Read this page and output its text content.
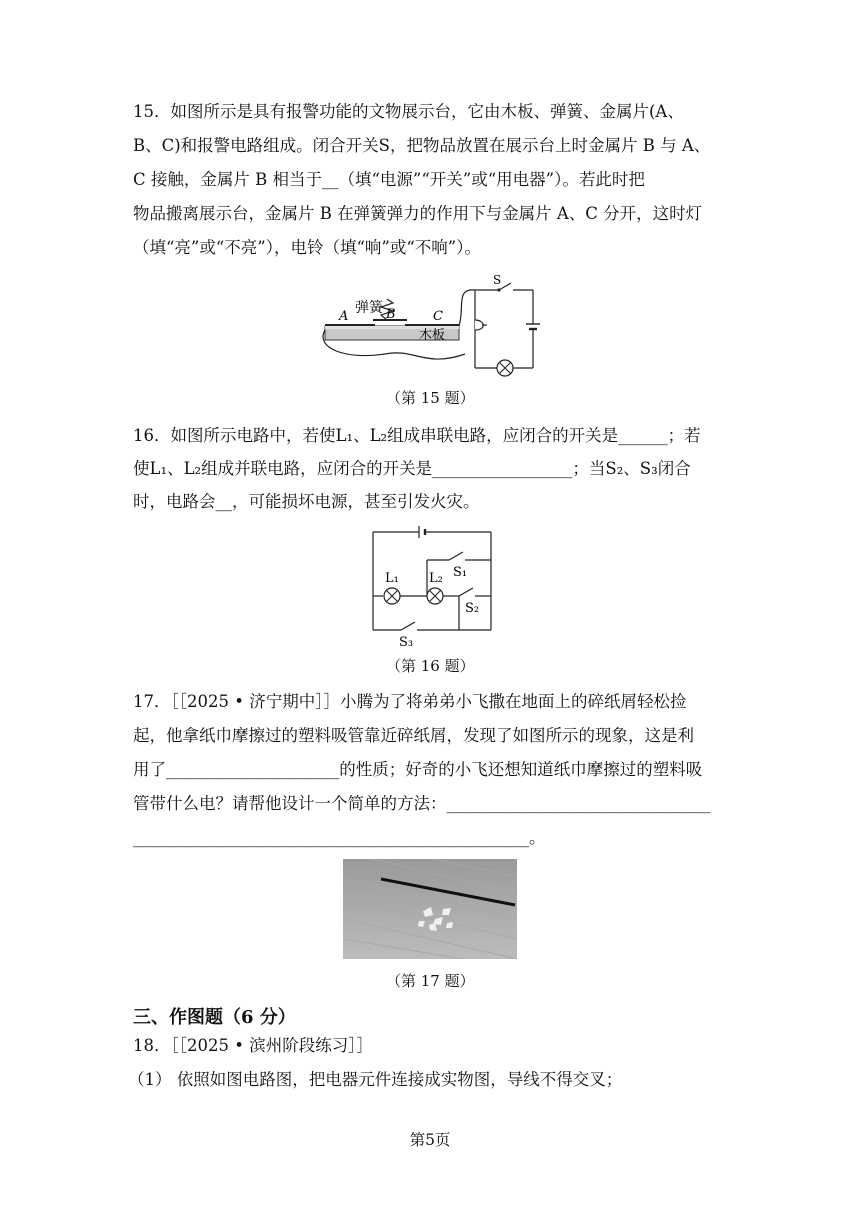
15．如图所示是具有报警功能的文物展示台，它由木板、弹簧、金属片(A、
B、C)和报警电路组成。闭合开关S，把物品放置在展示台上时金属片 B 与 A、
C 接触，金属片 B 相当于__（填“电源”“开关”或“用电器”）。若此时把
物品搬离展示台，金属片 B 在弹簧弹力的作用下与金属片 A、C 分开，这时灯
（填“亮”或“不亮”），电铃（填“响”或“不响”）。
弹簧
A	B	C
木板
S
（第 15 题）
16．如图所示电路中，若使L₁、L₂组成串联电路，应闭合的开关是______；若
使L₁、L₂组成并联电路，应闭合的开关是_________________；当S₂、S₃闭合
时，电路会__，可能损坏电源，甚至引发火灾。
L₁ L₂ S₁
S₂
S₃
（第 16 题）
17．［［2025 • 济宁期中］］小腾为了将弟弟小飞撒在地面上的碎纸屑轻松捡
起，他拿纸巾摩擦过的塑料吸管靠近碎纸屑，发现了如图所示的现象，这是利
用了_____________________的性质；好奇的小飞还想知道纸巾摩擦过的塑料吸
管带什么电？请帮他设计一个简单的方法：________________________________
________________________________________________。
（第 17 题）
三、作图题（6 分）
18．［［2025 • 滨州阶段练习］］
（1） 依照如图电路图，把电器元件连接成实物图，导线不得交叉；
第5页
